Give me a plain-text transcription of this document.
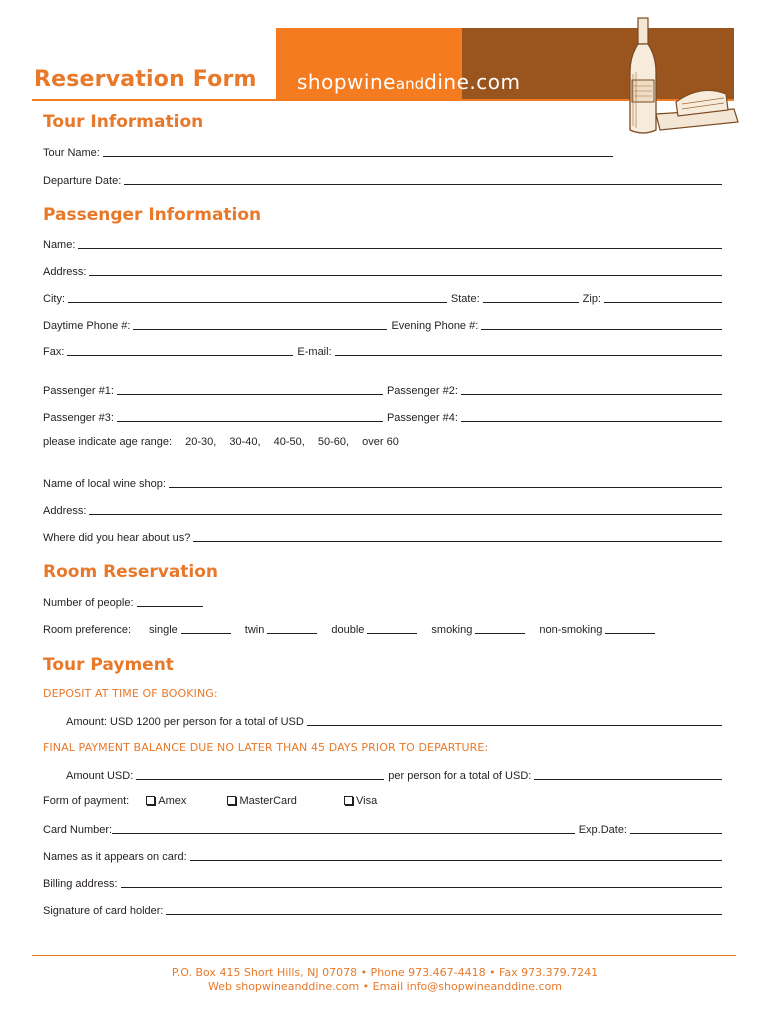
Reservation Form shopwineanddine.com
Tour Information
Tour Name:
Departure Date:
Passenger Information
Name:
Address:
City:	State:	Zip:
Daytime Phone #:	Evening Phone #:
Fax:	E-mail:
Passenger #1:	Passenger #2:
Passenger #3:	Passenger #4:
please indicate age range: 20-30, 30-40, 40-50, 50-60, over 60
Name of local wine shop:
Address:
Where did you hear about us?
Room Reservation
Number of people:
Room preference: single	twin	double	smoking	non-smoking
Tour Payment
DEPOSIT AT TIME OF BOOKING:
Amount: USD 1200 per person for a total of USD
FINAL PAYMENT BALANCE DUE NO LATER THAN 45 DAYS PRIOR TO DEPARTURE:
Amount USD:	per person for a total of USD:
Form of payment:	Amex	MasterCard	Visa
Card Number:	Exp.Date:
Names as it appears on card:
Billing address:
Signature of card holder:
P.O. Box 415 Short Hills, NJ 07078 • Phone 973.467-4418 • Fax 973.379.7241
Web shopwineanddine.com • Email info@shopwineanddine.com
